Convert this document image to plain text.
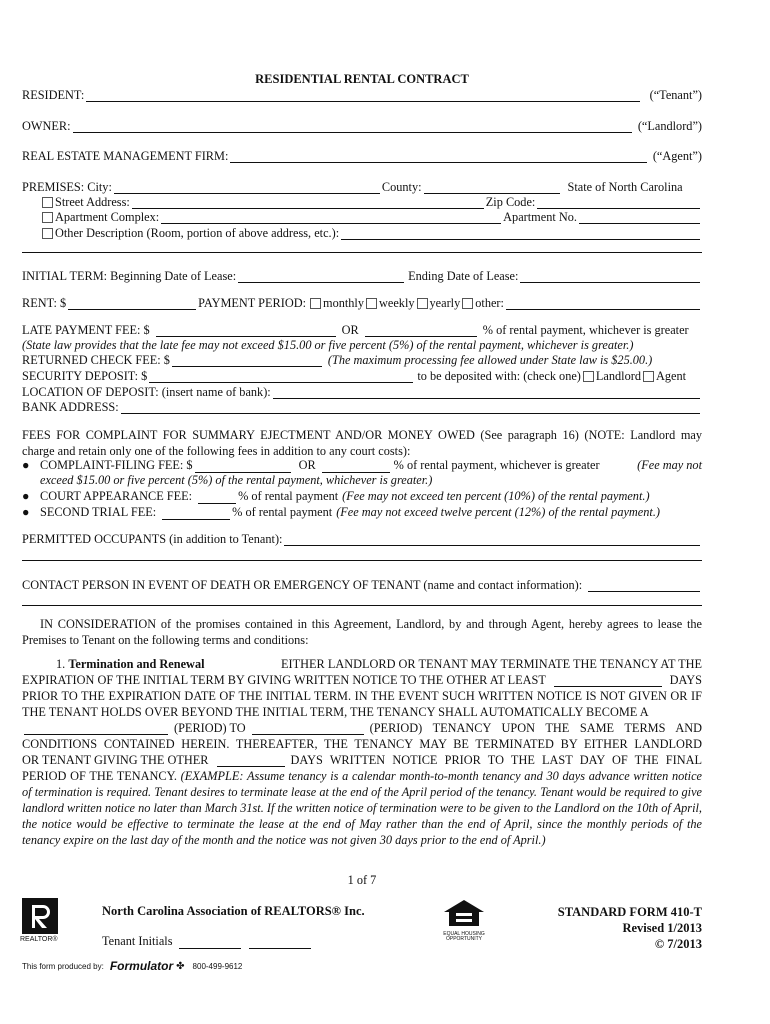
RESIDENTIAL RENTAL CONTRACT
RESIDENT:	(“Tenant”)
OWNER:	(“Landlord”)
REAL ESTATE MANAGEMENT FIRM:	(“Agent”)
PREMISES: City:	County:	State of North Carolina
Street Address:	Zip Code:
Apartment Complex:	Apartment No.
Other Description (Room, portion of above address, etc.):
INITIAL TERM: Beginning Date of Lease:	Ending Date of Lease:
RENT: $	PAYMENT PERIOD: monthly weekly yearly other:
LATE PAYMENT FEE: $	OR	% of rental payment, whichever is greater
(State law provides that the late fee may not exceed $15.00 or five percent (5%) of the rental payment, whichever is greater.)
RETURNED CHECK FEE: $	(The maximum processing fee allowed under State law is $25.00.)
SECURITY DEPOSIT: $	to be deposited with: (check one) Landlord Agent
LOCATION OF DEPOSIT: (insert name of bank):
BANK ADDRESS:
FEES FOR COMPLAINT FOR SUMMARY EJECTMENT AND/OR MONEY OWED (See paragraph 16) (NOTE: Landlord may charge and retain only one of the following fees in addition to any court costs):
● COMPLAINT-FILING FEE: $	OR	% of rental payment, whichever is greater	(Fee may not
exceed $15.00 or five percent (5%) of the rental payment, whichever is greater.)
● COURT APPEARANCE FEE:	% of rental payment (Fee may not exceed ten percent (10%) of the rental payment.)
● SECOND TRIAL FEE:	% of rental payment (Fee may not exceed twelve percent (12%) of the rental payment.)
PERMITTED OCCUPANTS (in addition to Tenant):
CONTACT PERSON IN EVENT OF DEATH OR EMERGENCY OF TENANT (name and contact information):
IN CONSIDERATION of the promises contained in this Agreement, Landlord, by and through Agent, hereby agrees to lease the Premises to Tenant on the following terms and conditions:
1. Termination and Renewal	EITHER LANDLORD OR TENANT MAY TERMINATE THE TENANCY AT THE
EXPIRATION OF THE INITIAL TERM BY GIVING WRITTEN NOTICE TO THE OTHER AT LEAST	DAYS
PRIOR TO THE EXPIRATION DATE OF THE INITIAL TERM. IN THE EVENT SUCH WRITTEN NOTICE IS NOT GIVEN OR IF THE TENANT HOLDS OVER BEYOND THE INITIAL TERM, THE TENANCY SHALL AUTOMATICALLY BECOME A
(PERIOD) TO	(PERIOD) TENANCY UPON THE SAME TERMS AND
CONDITIONS CONTAINED HEREIN. THEREAFTER, THE TENANCY MAY BE TERMINATED BY EITHER LANDLORD
OR TENANT GIVING THE OTHER	DAYS WRITTEN NOTICE PRIOR TO THE LAST DAY OF THE FINAL
PERIOD OF THE TENANCY. (EXAMPLE: Assume tenancy is a calendar month-to-month tenancy and 30 days advance written notice of termination is required. Tenant desires to terminate lease at the end of the April period of the tenancy. Tenant would be required to give landlord written notice no later than March 31st. If the written notice of termination were to be given to the Landlord on the 10th of April, the notice would be effective to terminate the lease at the end of May rather than the end of April, since the monthly periods of the tenancy expire on the last day of the month and the notice was not given 30 days prior to the end of April.)
1 of 7
REALTOR®
North Carolina Association of REALTORS® Inc.
Tenant Initials	EQUAL HOUSING OPPORTUNITY
STANDARD FORM 410-T
Revised 1/2013
© 7/2013
This form produced by: Formulator ✤ 800-499-9612
